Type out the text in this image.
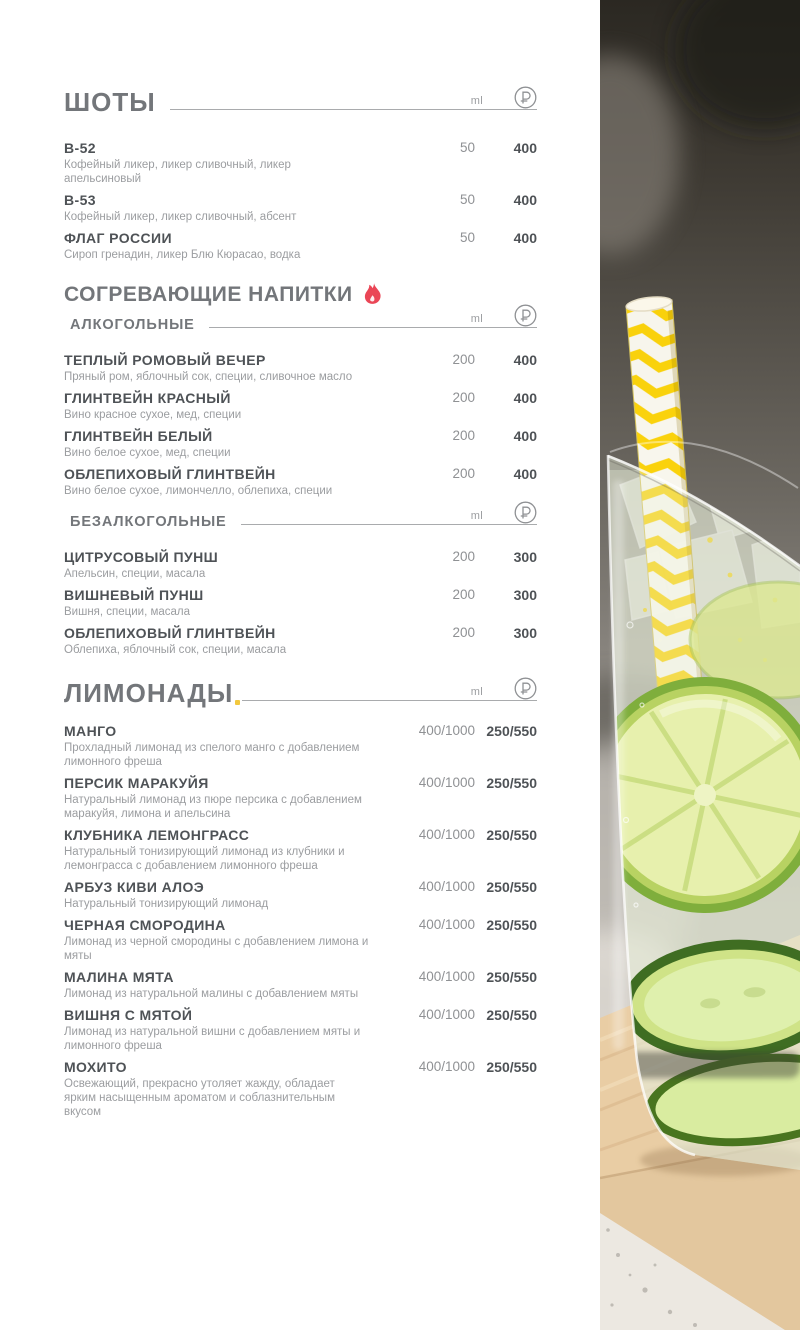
ШОТЫ	ml
B-52
Кофейный ликер, ликер сливочный, ликер апельсиновый
50	400
B-53
Кофейный ликер, ликер сливочный, абсент
50	400
ФЛАГ РОССИИ
Сироп гренадин, ликер Блю Кюрасао, водка
50	400
СОГРЕВАЮЩИЕ НАПИТКИ
АЛКОГОЛЬНЫЕ	ml
ТЕПЛЫЙ РОМОВЫЙ ВЕЧЕР
Пряный ром, яблочный сок, специи, сливочное масло
200	400
ГЛИНТВЕЙН КРАСНЫЙ
Вино красное сухое, мед, специи
200	400
ГЛИНТВЕЙН БЕЛЫЙ
Вино белое сухое, мед, специи
200	400
ОБЛЕПИХОВЫЙ ГЛИНТВЕЙН
Вино белое сухое, лимончелло, облепиха, специи
200	400
БЕЗАЛКОГОЛЬНЫЕ	ml
ЦИТРУСОВЫЙ ПУНШ
Апельсин, специи, масала
200	300
ВИШНЕВЫЙ ПУНШ
Вишня, специи, масала
200	300
ОБЛЕПИХОВЫЙ ГЛИНТВЕЙН
Облепиха, яблочный сок, специи, масала
200	300
ЛИМОНАДЫ	ml
МАНГО
Прохладный лимонад из спелого манго с добавлением лимонного фреша
400/1000 250/550
ПЕРСИК МАРАКУЙЯ
Натуральный лимонад из пюре персика с добавлением маракуйя, лимона и апельсина
400/1000 250/550
КЛУБНИКА ЛЕМОНГРАСС
Натуральный тонизирующий лимонад из клубники и лемонграсса с добавлением лимонного фреша
400/1000 250/550
АРБУЗ КИВИ АЛОЭ
Натуральный тонизирующий лимонад
400/1000 250/550
ЧЕРНАЯ СМОРОДИНА
Лимонад из черной смородины с добавлением лимона и мяты
400/1000 250/550
МАЛИНА МЯТА
Лимонад из натуральной малины с добавлением мяты
400/1000 250/550
ВИШНЯ С МЯТОЙ
Лимонад из натуральной вишни с добавлением мяты и лимонного фреша
400/1000 250/550
МОХИТО
Освежающий, прекрасно утоляет жажду, обладает ярким насыщенным ароматом и соблазнительным вкусом
400/1000 250/550
